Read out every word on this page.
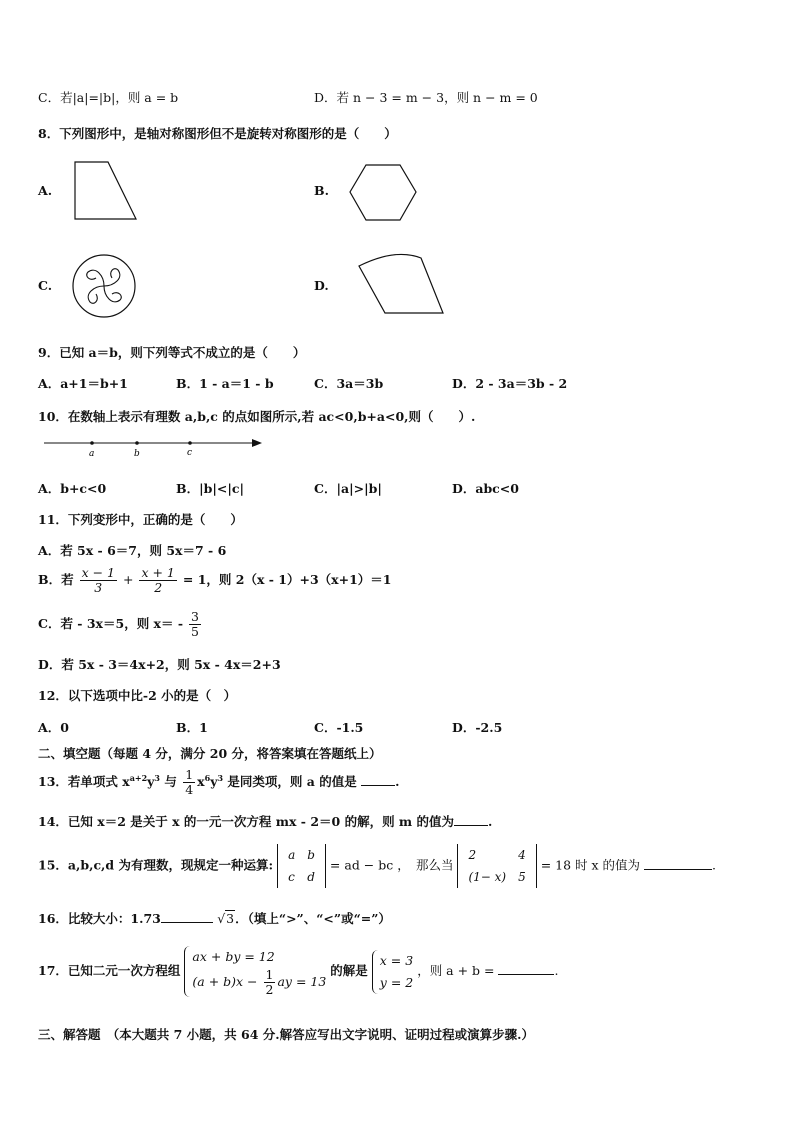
C．若|a|=|b|，则 a = b	D．若 n − 3 = m − 3，则 n − m = 0
8．下列图形中，是轴对称图形但不是旋转对称图形的是（　　）
A.	B.
C.	D.
9．已知 a＝b，则下列等式不成立的是（　　）
A．a+1＝b+1	B．1 - a＝1 - b	C．3a＝3b	D．2 - 3a＝3b - 2
10．在数轴上表示有理数 a,b,c 的点如图所示,若 ac<0,b+a<0,则（　　）.
a	b	c
A．b+c<0	B．|b|<|c|	C．|a|>|b|	D．abc<0
11．下列变形中，正确的是（　　）
A．若 5x - 6＝7，则 5x＝7 - 6
B．若 $\frac{x - 1}{3} + \frac{x + 1}{2} = 1$，则 2（x - 1）+3（x+1）＝1
C．若 - 3x＝5，则 $x= - \frac{3}{5}$
D．若 5x - 3＝4x+2，则 5x - 4x＝2+3
12．以下选项中比-2 小的是（　）
A．0	B．1	C．-1.5	D．-2.5
二、填空题（每题 4 分，满分 20 分，将答案填在答题纸上）
13．若单项式 $x^{a+2}y^3$ 与 $\frac{1}{4} x^6y^3$ 是同类项，则 a 的值是	.
14．已知 x＝2 是关于 x 的一元一次方程 mx - 2＝0 的解，则 m 的值为	.
15．a,b,c,d 为有理数，现规定一种运算:
a	b
c	d
= ad − bc ，　那么当
2	4
(1− x)	5
= 18 时 x 的值为	.
16．比较大小：1.73	√3．（填上“>”、“<”或“=”）
17．已知二元一次方程组
ax + by = 12
$(a + b)x - \frac{1}{2}$ ay = 13
的解是
x = 3
y = 2
，则 a + b =	.
三、解答题　（本大题共 7 小题，共 64 分.解答应写出文字说明、证明过程或演算步骤.）
